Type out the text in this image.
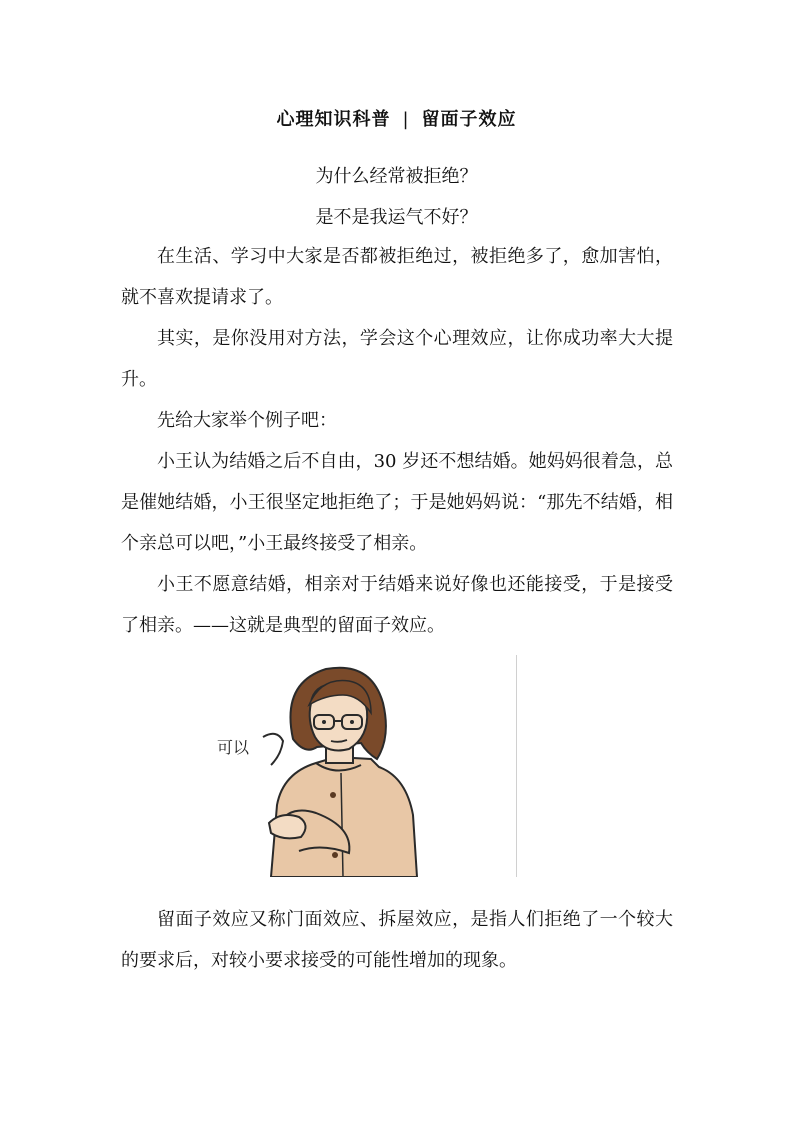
心理知识科普 | 留面子效应
为什么经常被拒绝？
是不是我运气不好？
在生活、学习中大家是否都被拒绝过，被拒绝多了，愈加害怕，就不喜欢提请求了。
其实，是你没用对方法，学会这个心理效应，让你成功率大大提升。
先给大家举个例子吧：
小王认为结婚之后不自由，30 岁还不想结婚。她妈妈很着急，总是催她结婚，小王很坚定地拒绝了；于是她妈妈说：“那先不结婚，相个亲总可以吧，”小王最终接受了相亲。
小王不愿意结婚，相亲对于结婚来说好像也还能接受，于是接受了相亲。——这就是典型的留面子效应。
可以
留面子效应又称门面效应、拆屋效应，是指人们拒绝了一个较大的要求后，对较小要求接受的可能性增加的现象。
